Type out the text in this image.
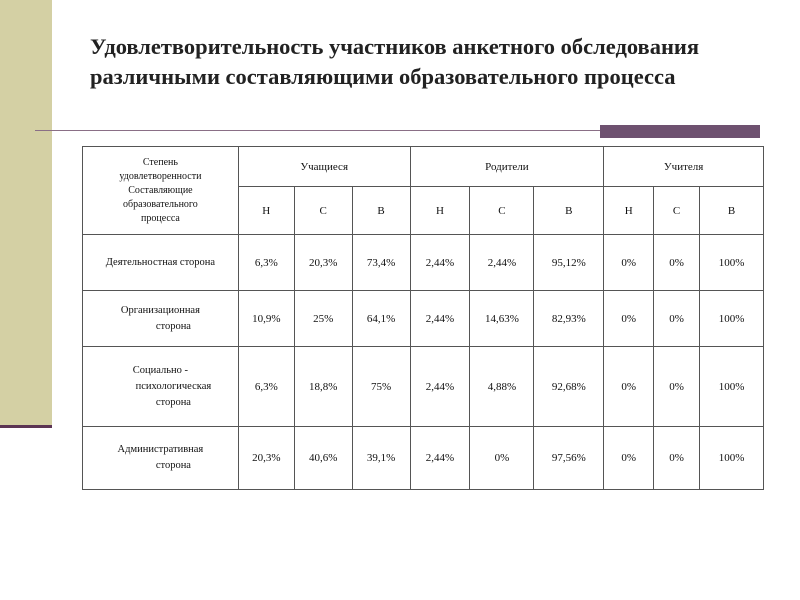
Удовлетворительность участников анкетного обследования различными составляющими образовательного процесса
Степень
удовлетворенности
Составляющие
образовательного
процесса	Учащиеся			Родители			Учителя		
	Н	С	В	Н	С	В	Н	С	В

Деятельностная сторона	6,3%	20,3%	73,4%	2,44%	2,44%	95,12%	0%	0%	100%

Организационная
сторона	10,9%	25%	64,1%	2,44%	14,63%	82,93%	0%	0%	100%

Социально -
психологическая
сторона	6,3%	18,8%	75%	2,44%	4,88%	92,68%	0%	0%	100%

Административная
сторона	20,3%	40,6%	39,1%	2,44%	0%	97,56%	0%	0%	100%
